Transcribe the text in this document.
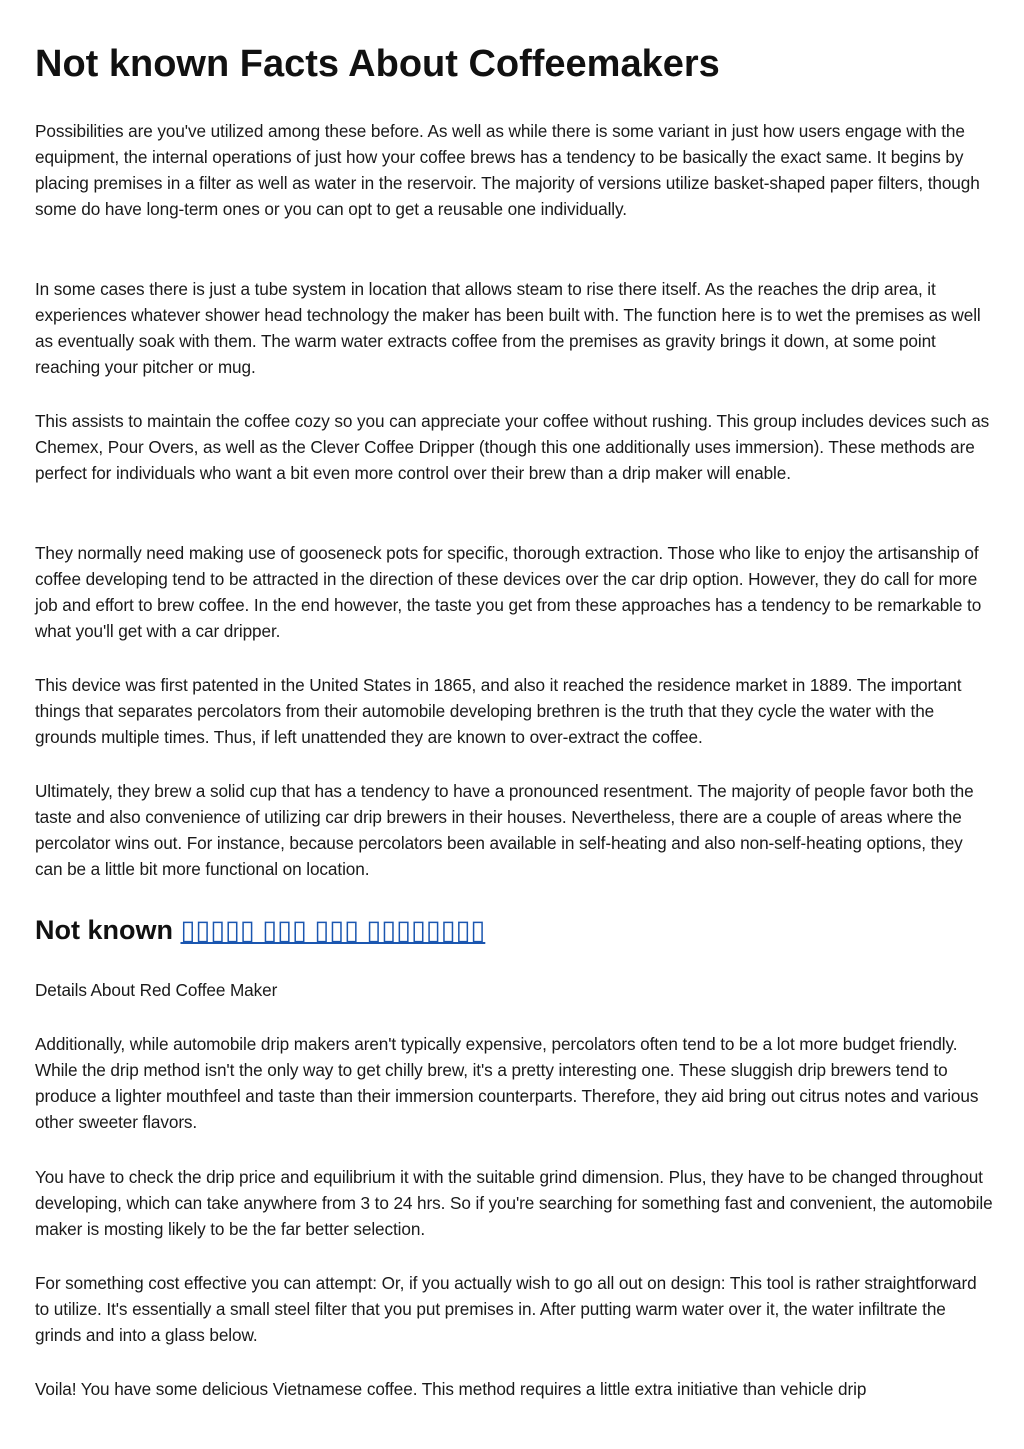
Not known Facts About Coffeemakers

Possibilities are you've utilized among these before. As well as while there is some variant in just how users engage with the equipment, the internal operations of just how your coffee brews has a tendency to be basically the exact same. It begins by placing premises in a filter as well as water in the reservoir. The majority of versions utilize basket-shaped paper filters, though some do have long-term ones or you can opt to get a reusable one individually.

In some cases there is just a tube system in location that allows steam to rise there itself. As the reaches the drip area, it experiences whatever shower head technology the maker has been built with. The function here is to wet the premises as well as eventually soak with them. The warm water extracts coffee from the premises as gravity brings it down, at some point reaching your pitcher or mug.

This assists to maintain the coffee cozy so you can appreciate your coffee without rushing. This group includes devices such as Chemex, Pour Overs, as well as the Clever Coffee Dripper (though this one additionally uses immersion). These methods are perfect for individuals who want a bit even more control over their brew than a drip maker will enable.

They normally need making use of gooseneck pots for specific, thorough extraction. Those who like to enjoy the artisanship of coffee developing tend to be attracted in the direction of these devices over the car drip option. However, they do call for more job and effort to brew coffee. In the end however, the taste you get from these approaches has a tendency to be remarkable to what you'll get with a car dripper.

This device was first patented in the United States in 1865, and also it reached the residence market in 1889. The important things that separates percolators from their automobile developing brethren is the truth that they cycle the water with the grounds multiple times. Thus, if left unattended they are known to over-extract the coffee.

Ultimately, they brew a solid cup that has a tendency to have a pronounced resentment. The majority of people favor both the taste and also convenience of utilizing car drip brewers in their houses. Nevertheless, there are a couple of areas where the percolator wins out. For instance, because percolators been available in self-heating and also non-self-heating options, they can be a little bit more functional on location.

Not known ▯▯▯▯▯ ▯▯▯ ▯▯▯ ▯▯▯▯▯▯▯▯

Details About Red Coffee Maker

Additionally, while automobile drip makers aren't typically expensive, percolators often tend to be a lot more budget friendly. While the drip method isn't the only way to get chilly brew, it's a pretty interesting one. These sluggish drip brewers tend to produce a lighter mouthfeel and taste than their immersion counterparts. Therefore, they aid bring out citrus notes and various other sweeter flavors.

You have to check the drip price and equilibrium it with the suitable grind dimension. Plus, they have to be changed throughout developing, which can take anywhere from 3 to 24 hrs. So if you're searching for something fast and convenient, the automobile maker is mosting likely to be the far better selection.

For something cost effective you can attempt: Or, if you actually wish to go all out on design: This tool is rather straightforward to utilize. It's essentially a small steel filter that you put premises in. After putting warm water over it, the water infiltrate the grinds and into a glass below.

Voila! You have some delicious Vietnamese coffee. This method requires a little extra initiative than vehicle drip
